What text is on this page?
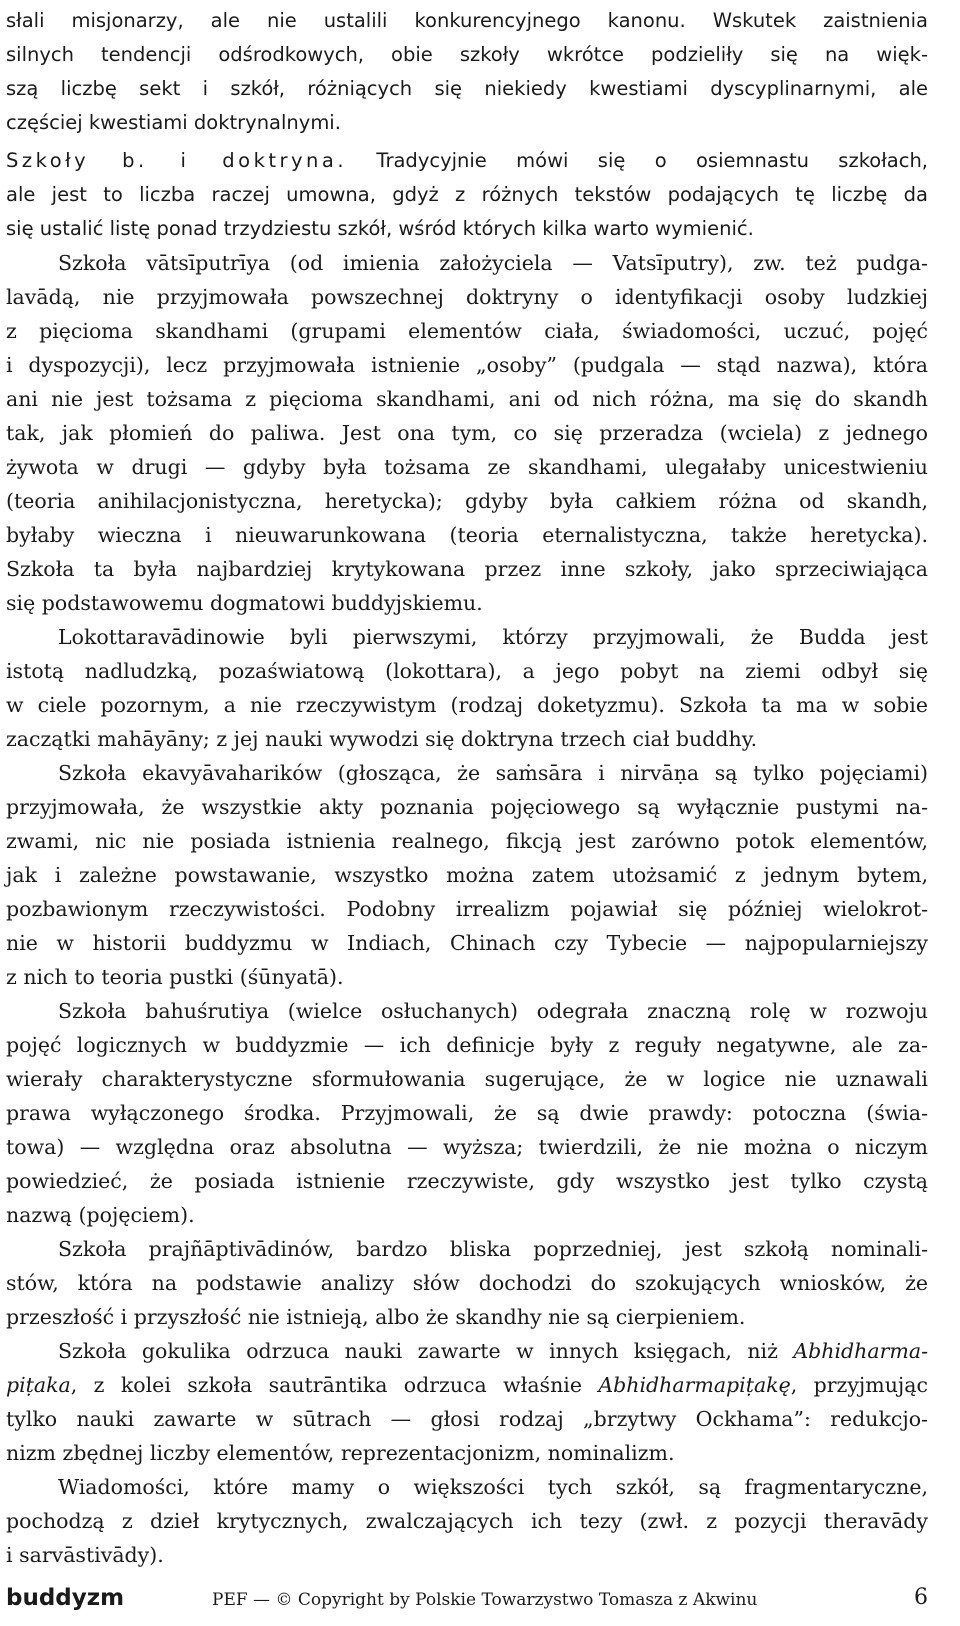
słali misjonarzy, ale nie ustalili konkurencyjnego kanonu. Wskutek zaistnienia
silnych tendencji odśrodkowych, obie szkoły wkrótce podzieliły się na więk-
szą liczbę sekt i szkół, różniących się niekiedy kwestiami dyscyplinarnymi, ale
częściej kwestiami doktrynalnymi.
Szkoły b. i doktryna. Tradycyjnie mówi się o osiemnastu szkołach,
ale jest to liczba raczej umowna, gdyż z różnych tekstów podających tę liczbę da
się ustalić listę ponad trzydziestu szkół, wśród których kilka warto wymienić.
Szkoła vātsīputrīya (od imienia założyciela — Vatsīputry), zw. też pudga-
lavādą, nie przyjmowała powszechnej doktryny o identyfikacji osoby ludzkiej
z pięcioma skandhami (grupami elementów ciała, świadomości, uczuć, pojęć
i dyspozycji), lecz przyjmowała istnienie „osoby” (pudgala — stąd nazwa), która
ani nie jest tożsama z pięcioma skandhami, ani od nich różna, ma się do skandh
tak, jak płomień do paliwa. Jest ona tym, co się przeradza (wciela) z jednego
żywota w drugi — gdyby była tożsama ze skandhami, ulegałaby unicestwieniu
(teoria anihilacjonistyczna, heretycka); gdyby była całkiem różna od skandh,
byłaby wieczna i nieuwarunkowana (teoria eternalistyczna, także heretycka).
Szkoła ta była najbardziej krytykowana przez inne szkoły, jako sprzeciwiająca
się podstawowemu dogmatowi buddyjskiemu.
Lokottaravādinowie byli pierwszymi, którzy przyjmowali, że Budda jest
istotą nadludzką, pozaświatową (lokottara), a jego pobyt na ziemi odbył się
w ciele pozornym, a nie rzeczywistym (rodzaj doketyzmu). Szkoła ta ma w sobie
zaczątki mahāyāny; z jej nauki wywodzi się doktryna trzech ciał buddhy.
Szkoła ekavyāvaharików (głosząca, że saṁsāra i nirvāṇa są tylko pojęciami)
przyjmowała, że wszystkie akty poznania pojęciowego są wyłącznie pustymi na-
zwami, nic nie posiada istnienia realnego, fikcją jest zarówno potok elementów,
jak i zależne powstawanie, wszystko można zatem utożsamić z jednym bytem,
pozbawionym rzeczywistości. Podobny irrealizm pojawiał się później wielokrot-
nie w historii buddyzmu w Indiach, Chinach czy Tybecie — najpopularniejszy
z nich to teoria pustki (śūnyatā).
Szkoła bahuśrutiya (wielce osłuchanych) odegrała znaczną rolę w rozwoju
pojęć logicznych w buddyzmie — ich definicje były z reguły negatywne, ale za-
wierały charakterystyczne sformułowania sugerujące, że w logice nie uznawali
prawa wyłączonego środka. Przyjmowali, że są dwie prawdy: potoczna (świa-
towa) — względna oraz absolutna — wyższa; twierdzili, że nie można o niczym
powiedzieć, że posiada istnienie rzeczywiste, gdy wszystko jest tylko czystą
nazwą (pojęciem).
Szkoła prajñāptivādinów, bardzo bliska poprzedniej, jest szkołą nominali-
stów, która na podstawie analizy słów dochodzi do szokujących wniosków, że
przeszłość i przyszłość nie istnieją, albo że skandhy nie są cierpieniem.
Szkoła gokulika odrzuca nauki zawarte w innych księgach, niż Abhidharma-
piṭaka, z kolei szkoła sautrāntika odrzuca właśnie Abhidharmapiṭakę, przyjmując
tylko nauki zawarte w sūtrach — głosi rodzaj „brzytwy Ockhama”: redukcjo-
nizm zbędnej liczby elementów, reprezentacjonizm, nominalizm.
Wiadomości, które mamy o większości tych szkół, są fragmentaryczne,
pochodzą z dzieł krytycznych, zwalczających ich tezy (zwł. z pozycji theravādy
i sarvāstivādy).
buddyzm	PEF — © Copyright by Polskie Towarzystwo Tomasza z Akwinu	6
